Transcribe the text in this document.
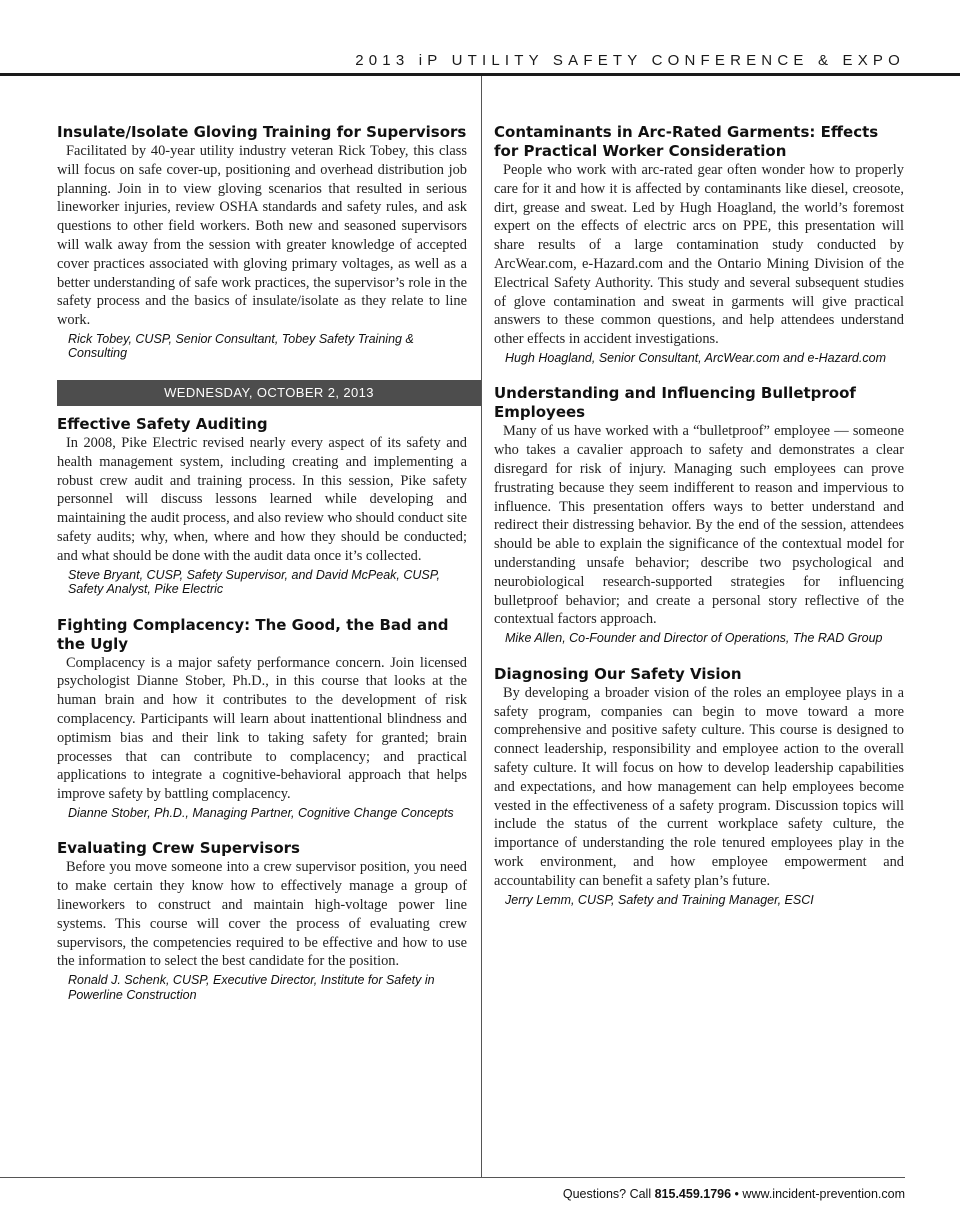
2013 iP UTILITY SAFETY CONFERENCE & EXPO
Insulate/Isolate Gloving Training for Supervisors

Facilitated by 40-year utility industry veteran Rick Tobey, this class will focus on safe cover-up, positioning and overhead distribution job planning. Join in to view gloving scenarios that resulted in serious lineworker injuries, review OSHA standards and safety rules, and ask questions to other field workers. Both new and seasoned supervisors will walk away from the session with greater knowledge of accepted cover practices associated with gloving primary voltages, as well as a better understanding of safe work practices, the supervisor’s role in the safety process and the basics of insulate/isolate as they relate to line work.

Rick Tobey, CUSP, Senior Consultant, Tobey Safety Training & Consulting

WEDNESDAY, OCTOBER 2, 2013
Effective Safety Auditing

In 2008, Pike Electric revised nearly every aspect of its safety and health management system, including creating and implementing a robust crew audit and training process. In this session, Pike safety personnel will discuss lessons learned while developing and maintaining the audit process, and also review who should conduct site safety audits; why, when, where and how they should be conducted; and what should be done with the audit data once it’s collected.

Steve Bryant, CUSP, Safety Supervisor, and David McPeak, CUSP, Safety Analyst, Pike Electric

Fighting Complacency: The Good, the Bad and the Ugly

Complacency is a major safety performance concern. Join licensed psychologist Dianne Stober, Ph.D., in this course that looks at the human brain and how it contributes to the development of risk complacency. Participants will learn about inattentional blindness and optimism bias and their link to taking safety for granted; brain processes that can contribute to complacency; and practical applications to integrate a cognitive-behavioral approach that helps improve safety by battling complacency.

Dianne Stober, Ph.D., Managing Partner, Cognitive Change Concepts

Evaluating Crew Supervisors

Before you move someone into a crew supervisor position, you need to make certain they know how to effectively manage a group of lineworkers to construct and maintain high-voltage power line systems. This course will cover the process of evaluating crew supervisors, the competencies required to be effective and how to use the information to select the best candidate for the position.

Ronald J. Schenk, CUSP, Executive Director, Institute for Safety in Powerline Construction

Contaminants in Arc-Rated Garments: Effects for Practical Worker Consideration

People who work with arc-rated gear often wonder how to properly care for it and how it is affected by contaminants like diesel, creosote, dirt, grease and sweat. Led by Hugh Hoagland, the world’s foremost expert on the effects of electric arcs on PPE, this presentation will share results of a large contamination study conducted by ArcWear.com, e-Hazard.com and the Ontario Mining Division of the Electrical Safety Authority. This study and several subsequent studies of glove contamination and sweat in garments will give practical answers to these common questions, and help attendees understand other effects in accident investigations.

Hugh Hoagland, Senior Consultant, ArcWear.com and e-Hazard.com

Understanding and Influencing Bulletproof Employees

Many of us have worked with a “bulletproof” employee — someone who takes a cavalier approach to safety and demonstrates a clear disregard for risk of injury. Managing such employees can prove frustrating because they seem indifferent to reason and impervious to influence. This presentation offers ways to better understand and redirect their distressing behavior. By the end of the session, attendees should be able to explain the significance of the contextual model for understanding unsafe behavior; describe two psychological and neurobiological research-supported strategies for influencing bulletproof behavior; and create a personal story reflective of the contextual factors approach.

Mike Allen, Co-Founder and Director of Operations, The RAD Group

Diagnosing Our Safety Vision

By developing a broader vision of the roles an employee plays in a safety program, companies can begin to move toward a more comprehensive and positive safety culture. This course is designed to connect leadership, responsibility and employee action to the overall safety culture. It will focus on how to develop leadership capabilities and expectations, and how management can help employees become vested in the effectiveness of a safety program. Discussion topics will include the status of the current workplace safety culture, the importance of understanding the role tenured employees play in the work environment, and how employee empowerment and accountability can benefit a safety plan’s future.

Jerry Lemm, CUSP, Safety and Training Manager, ESCI

Questions? Call 815.459.1796 • www.incident-prevention.com
